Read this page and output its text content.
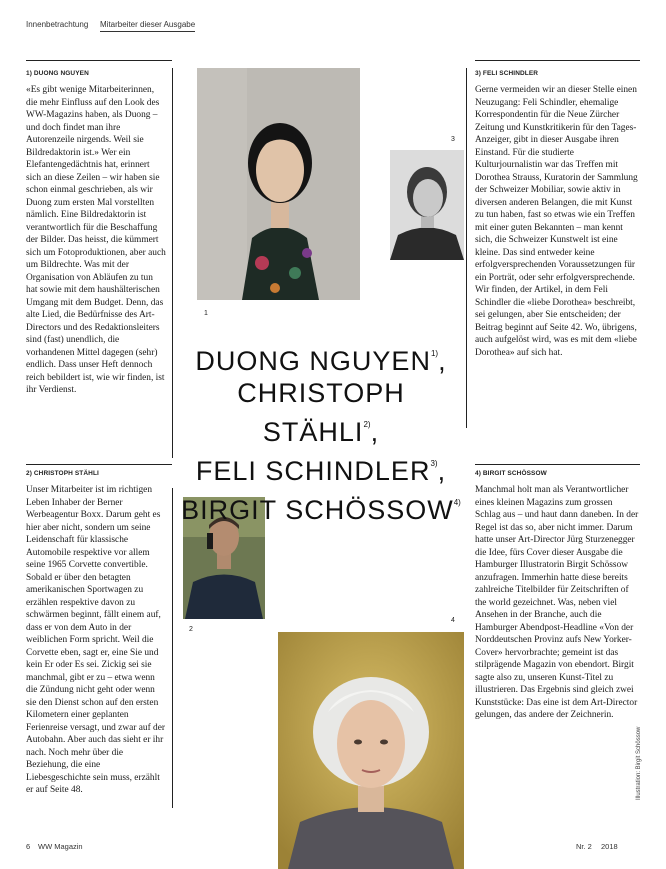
Innenbetrachtung Mitarbeiter dieser Ausgabe
1) DUONG NGUYEN

«Es gibt wenige Mitarbeiterinnen, die mehr Einfluss auf den Look des WW-Magazins haben, als Duong – und doch findet man ihre Autorenzeile nirgends. Weil sie Bildredaktorin ist.» Wer ein Elefantengedächtnis hat, erinnert sich an diese Zeilen – wir haben sie schon einmal geschrieben, als wir Duong zum ersten Mal vorstellten nämlich. Eine Bildredaktorin ist verantwortlich für die Beschaffung der Bilder. Das heisst, die kümmert sich um Fotoproduktionen, aber auch um Bildrechte. Was mit der Organisation von Abläufen zu tun hat sowie mit dem haushälterischen Umgang mit dem Budget. Denn, das alte Lied, die Bedürfnisse des Art-Directors und des Redaktionsleiters sind (fast) unendlich, die vorhandenen Mittel dagegen (sehr) endlich. Dass unser Heft dennoch reich bebildert ist, wie wir finden, ist ihr Verdienst.

2) CHRISTOPH STÄHLI

Unser Mitarbeiter ist im richtigen Leben Inhaber der Berner Werbeagentur Boxx. Darum geht es hier aber nicht, sondern um seine Leidenschaft für klassische Automobile respektive vor allem seine 1965 Corvette convertible. Sobald er über den betagten amerikanischen Sportwagen zu erzählen respektive davon zu schwärmen beginnt, fällt einem auf, dass er von dem Auto in der weiblichen Form spricht. Weil die Corvette eben, sagt er, eine Sie und kein Er oder Es sei. Zickig sei sie manchmal, gibt er zu – etwa wenn die Zündung nicht geht oder wenn sie den Dienst schon auf den ersten Kilometern einer geplanten Ferienreise versagt, und zwar auf der Autobahn. Aber auch das sieht er ihr nach. Noch mehr über die Beziehung, die eine Liebesgeschichte sein muss, erzählt er auf Seite 48.

3) FELI SCHINDLER

Gerne vermeiden wir an dieser Stelle einen Neuzugang: Feli Schindler, ehemalige Korrespondentin für die Neue Zürcher Zeitung und Kunstkritikerin für den Tages-Anzeiger, gibt in dieser Ausgabe ihren Einstand. Für die studierte Kulturjournalistin war das Treffen mit Dorothea Strauss, Kuratorin der Sammlung der Schweizer Mobiliar, sowie aktiv in diversen anderen Belangen, die mit Kunst zu tun haben, fast so etwas wie ein Treffen mit einer guten Bekannten – man kennt sich, die Schweizer Kunstwelt ist eine kleine. Das sind entweder keine erfolgversprechenden Voraussetzungen für ein Porträt, oder sehr erfolgversprechende. Wir finden, der Artikel, in dem Feli Schindler die «liebe Dorothea» beschreibt, sei gelungen, aber Sie entscheiden; der Beitrag beginnt auf Seite 42. Wo, übrigens, auch aufgelöst wird, was es mit dem «liebe Dorothea» auf sich hat.

4) BIRGIT SCHÖSSOW

Manchmal holt man als Verantwortlicher eines kleinen Magazins zum grossen Schlag aus – und haut dann daneben. In der Regel ist das so, aber nicht immer. Darum hatte unser Art-Director Jürg Sturzenegger die Idee, fürs Cover dieser Ausgabe die Hamburger Illustratorin Birgit Schössow anzufragen. Immerhin hatte diese bereits zahlreiche Titelbilder für Zeitschriften of the world gezeichnet. Was, neben viel Ansehen in der Branche, auch die Hamburger Abendpost-Headline «Von der Norddeutschen Provinz aufs New Yorker-Cover» hervorbrachte; gemeint ist das stilprägende Magazin von ebendort. Birgit sagte also zu, unseren Kunst-Titel zu illustrieren. Das Ergebnis sind gleich zwei Kunststücke: Das eine ist dem Art-Director gelungen, das andere der Zeichnerin.

1
3
2
4
DUONG NGUYEN$^{1)}$,
CHRISTOPH STÄHLI$^{2)}$,
FELI SCHINDLER$^{3)}$,
BIRGIT SCHÖSSOW$^{4)}$
Illustration: Birgit Schössow
6 WW Magazin	Nr. 2 2018
